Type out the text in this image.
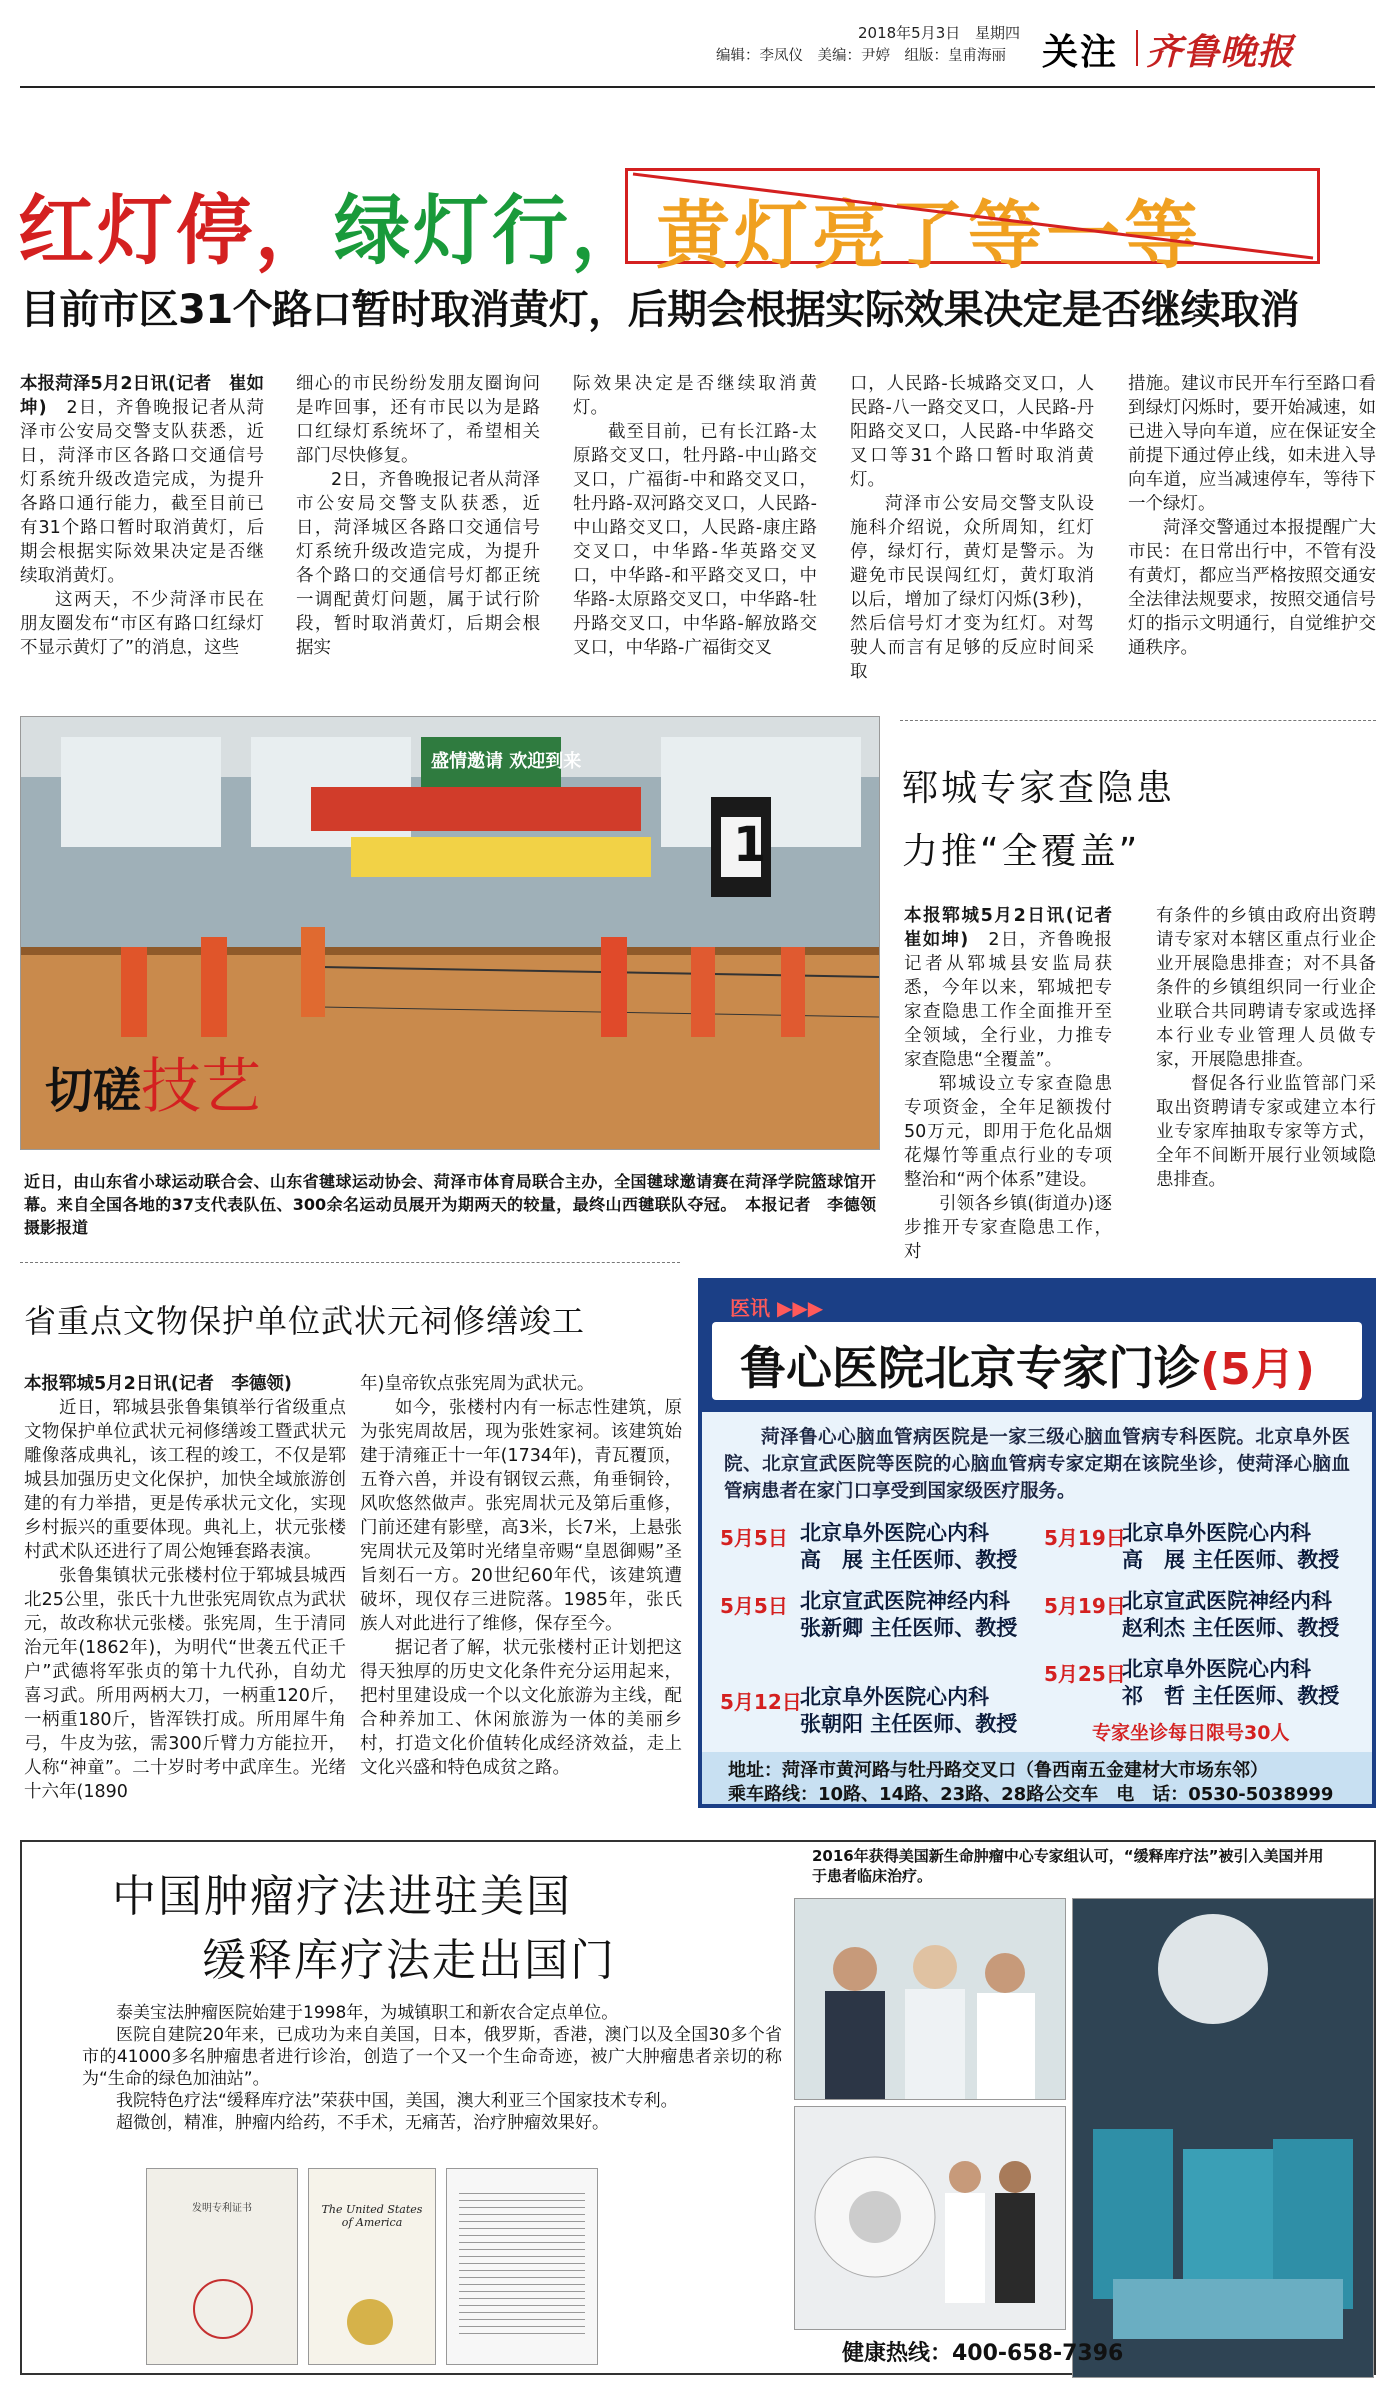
2018年5月3日 星期四
编辑：李凤仪　美编：尹婷　组版：皇甫海丽 关注 齐鲁晚报
红灯停，绿灯行， 黄灯亮了等一等
目前市区31个路口暂时取消黄灯，后期会根据实际效果决定是否继续取消

本报菏泽5月2日讯(记者　崔如坤)　 2日，齐鲁晚报记者从菏泽市公安局交警支队获悉，近日，菏泽市区各路口交通信号灯系统升级改造完成，为提升各路口通行能力，截至目前已有31个路口暂时取消黄灯，后期会根据实际效果决定是否继续取消黄灯。

这两天，不少菏泽市民在朋友圈发布“市区有路口红绿灯不显示黄灯了”的消息，这些

细心的市民纷纷发朋友圈询问是咋回事，还有市民以为是路口红绿灯系统坏了，希望相关部门尽快修复。

2日，齐鲁晚报记者从菏泽市公安局交警支队获悉，近日，菏泽城区各路口交通信号灯系统升级改造完成，为提升各个路口的交通信号灯都正统一调配黄灯问题，属于试行阶段，暂时取消黄灯，后期会根据实

际效果决定是否继续取消黄灯。

截至目前，已有长江路-太原路交叉口，牡丹路-中山路交叉口，广福街-中和路交叉口，牡丹路-双河路交叉口，人民路-中山路交叉口，人民路-康庄路交叉口，中华路-华英路交叉口，中华路-和平路交叉口，中华路-太原路交叉口，中华路-牡丹路交叉口，中华路-解放路交叉口，中华路-广福街交叉

口，人民路-长城路交叉口，人民路-八一路交叉口，人民路-丹阳路交叉口，人民路-中华路交叉口等31个路口暂时取消黄灯。

菏泽市公安局交警支队设施科介绍说，众所周知，红灯停，绿灯行，黄灯是警示。为避免市民误闯红灯，黄灯取消以后，增加了绿灯闪烁(3秒)，然后信号灯才变为红灯。对驾驶人而言有足够的反应时间采取

措施。建议市民开车行至路口看到绿灯闪烁时，要开始减速，如已进入导向车道，应在保证安全前提下通过停止线，如未进入导向车道，应当减速停车，等待下一个绿灯。

菏泽交警通过本报提醒广大市民：在日常出行中，不管有没有黄灯，都应当严格按照交通安全法律法规要求，按照交通信号灯的指示文明通行，自觉维护交通秩序。

盛情邀请 欢迎到来
1
切磋技艺
近日，由山东省小球运动联合会、山东省毽球运动协会、菏泽市体育局联合主办，全国毽球邀请赛在菏泽学院篮球馆开幕。来自全国各地的37支代表队伍、300余名运动员展开为期两天的较量，最终山西毽联队夺冠。　本报记者　李德领　摄影报道
郓城专家查隐患
力推“全覆盖”

本报郓城5月2日讯(记者　崔如坤)　 2日，齐鲁晚报记者从郓城县安监局获悉，今年以来，郓城把专家查隐患工作全面推开至全领域，全行业，力推专家查隐患“全覆盖”。

郓城设立专家查隐患专项资金，全年足额拨付50万元，即用于危化品烟花爆竹等重点行业的专项整治和“两个体系”建设。

引领各乡镇(街道办)逐步推开专家查隐患工作，对

有条件的乡镇由政府出资聘请专家对本辖区重点行业企业开展隐患排查；对不具备条件的乡镇组织同一行业企业联合共同聘请专家或选择本行业专业管理人员做专家，开展隐患排查。

督促各行业监管部门采取出资聘请专家或建立本行业专家库抽取专家等方式，全年不间断开展行业领域隐患排查。

省重点文物保护单位武状元祠修缮竣工

本报郓城5月2日讯(记者　李德领)

近日，郓城县张鲁集镇举行省级重点文物保护单位武状元祠修缮竣工暨武状元雕像落成典礼，该工程的竣工，不仅是郓城县加强历史文化保护，加快全域旅游创建的有力举措，更是传承状元文化，实现乡村振兴的重要体现。典礼上，状元张楼村武术队还进行了周公炮锤套路表演。

张鲁集镇状元张楼村位于郓城县城西北25公里，张氏十九世张宪周钦点为武状元，故改称状元张楼。张宪周，生于清同治元年(1862年)，为明代“世袭五代正千户”武德将军张贞的第十九代孙，自幼尤喜习武。所用两柄大刀，一柄重120斤，一柄重180斤，皆浑铁打成。所用犀牛角弓，牛皮为弦，需300斤臂力方能拉开，人称“神童”。二十岁时考中武庠生。光绪十六年(1890

年)皇帝钦点张宪周为武状元。

如今，张楼村内有一标志性建筑，原为张宪周故居，现为张姓家祠。该建筑始建于清雍正十一年(1734年)，青瓦覆顶，五脊六兽，并设有钢钗云燕，角垂铜铃，风吹悠然做声。张宪周状元及第后重修，门前还建有影壁，高3米，长7米，上悬张宪周状元及第时光绪皇帝赐“皇恩御赐”圣旨刻石一方。20世纪60年代，该建筑遭破坏，现仅存三进院落。1985年，张氏族人对此进行了维修，保存至今。

据记者了解，状元张楼村正计划把这得天独厚的历史文化条件充分运用起来，把村里建设成一个以文化旅游为主线，配合种养加工、休闲旅游为一体的美丽乡村，打造文化价值转化成经济效益，走上文化兴盛和特色成贫之路。

医讯 ▶▶▶
鲁心医院北京专家门诊(5月)
菏泽鲁心心脑血管病医院是一家三级心脑血管病专科医院。北京阜外医院、北京宣武医院等医院的心脑血管病专家定期在该院坐诊，使菏泽心脑血管病患者在家门口享受到国家级医疗服务。
5月5日 北京阜外医院心内科
高　展 主任医师、教授
5月5日 北京宣武医院神经内科
张新卿 主任医师、教授
5月12日
北京阜外医院心内科
张朝阳 主任医师、教授
5月19日
北京阜外医院心内科
高　展 主任医师、教授
5月19日
北京宣武医院神经内科
赵利杰 主任医师、教授
5月25日
北京阜外医院心内科
祁　哲 主任医师、教授
专家坐诊每日限号30人
地址：菏泽市黄河路与牡丹路交叉口（鲁西南五金建材大市场东邻）
乘车路线：10路、14路、23路、28路公交车　电　话：0530-5038999
中国肿瘤疗法进驻美国
缓释库疗法走出国门

泰美宝法肿瘤医院始建于1998年，为城镇职工和新农合定点单位。

医院自建院20年来，已成功为来自美国，日本，俄罗斯，香港，澳门以及全国30多个省市的41000多名肿瘤患者进行诊治，创造了一个又一个生命奇迹，被广大肿瘤患者亲切的称为“生命的绿色加油站”。

我院特色疗法“缓释库疗法”荣获中国，美国，澳大利亚三个国家技术专利。

超微创，精准，肿瘤内给药，不手术，无痛苦，治疗肿瘤效果好。

发明专利证书	The United States of America
2016年获得美国新生命肿瘤中心专家组认可，“缓释库疗法”被引入美国并用于患者临床治疗。
健康热线：400-658-7396
